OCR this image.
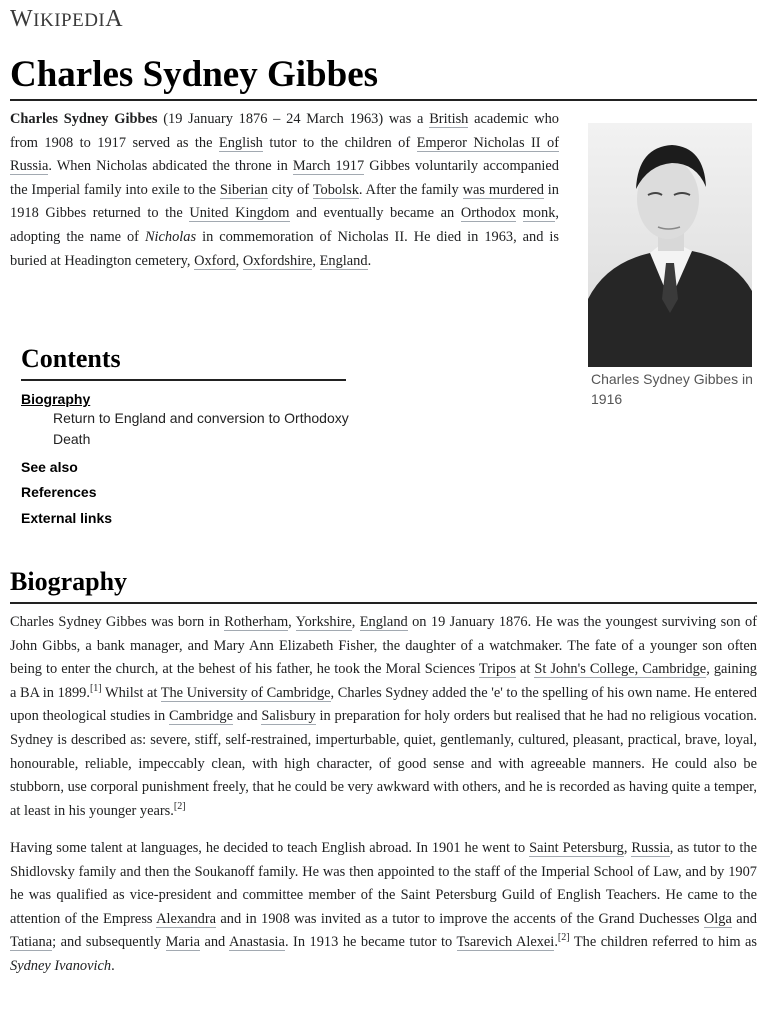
WIKIPEDIA
Charles Sydney Gibbes

Charles Sydney Gibbes (19 January 1876 – 24 March 1963) was a British academic who from 1908 to 1917 served as the English tutor to the children of Emperor Nicholas II of Russia. When Nicholas abdicated the throne in March 1917 Gibbes voluntarily accompanied the Imperial family into exile to the Siberian city of Tobolsk. After the family was murdered in 1918 Gibbes returned to the United Kingdom and eventually became an Orthodox monk, adopting the name of Nicholas in commemoration of Nicholas II. He died in 1963, and is buried at Headington cemetery, Oxford, Oxfordshire, England.

Charles Sydney Gibbes in 1916
Contents
Biography
Return to England and conversion to Orthodoxy
Death
See also
References
External links
Biography

Charles Sydney Gibbes was born in Rotherham, Yorkshire, England on 19 January 1876. He was the youngest surviving son of John Gibbs, a bank manager, and Mary Ann Elizabeth Fisher, the daughter of a watchmaker. The fate of a younger son often being to enter the church, at the behest of his father, he took the Moral Sciences Tripos at St John's College, Cambridge, gaining a BA in 1899.[1] Whilst at The University of Cambridge, Charles Sydney added the 'e' to the spelling of his own name. He entered upon theological studies in Cambridge and Salisbury in preparation for holy orders but realised that he had no religious vocation. Sydney is described as: severe, stiff, self-restrained, imperturbable, quiet, gentlemanly, cultured, pleasant, practical, brave, loyal, honourable, reliable, impeccably clean, with high character, of good sense and with agreeable manners. He could also be stubborn, use corporal punishment freely, that he could be very awkward with others, and he is recorded as having quite a temper, at least in his younger years.[2]

Having some talent at languages, he decided to teach English abroad. In 1901 he went to Saint Petersburg, Russia, as tutor to the Shidlovsky family and then the Soukanoff family. He was then appointed to the staff of the Imperial School of Law, and by 1907 he was qualified as vice-president and committee member of the Saint Petersburg Guild of English Teachers. He came to the attention of the Empress Alexandra and in 1908 was invited as a tutor to improve the accents of the Grand Duchesses Olga and Tatiana; and subsequently Maria and Anastasia. In 1913 he became tutor to Tsarevich Alexei.[2] The children referred to him as Sydney Ivanovich.
